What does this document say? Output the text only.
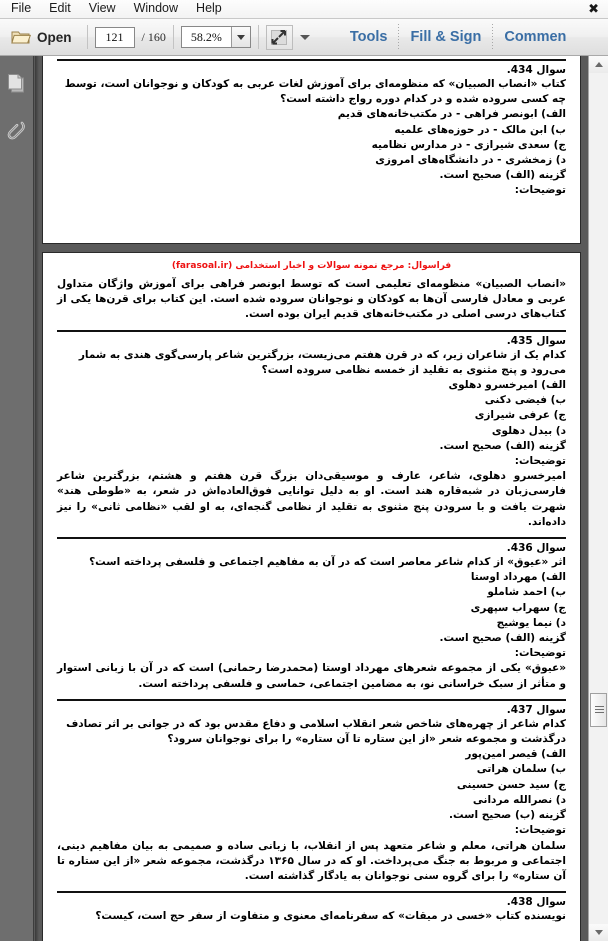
File	Edit	View	Window	Help	✖
Open	121	/ 160	58.2%	Tools Fill & Sign Commen
سوال 434.
کتاب «انصاب الصبیان» که منظومه‌ای برای آموزش لغات عربی به کودکان و نوجوانان است، توسط چه کسی سروده شده و در کدام دوره رواج داشته است؟
الف) ابونصر فراهی - در مکتب‌خانه‌های قدیم
ب) ابن مالک - در حوزه‌های علمیه
ج) سعدی شیرازی - در مدارس نظامیه
د) زمخشری - در دانشگاه‌های امروزی
گزینه (الف) صحیح است.
توضیحات:
فراسوال: مرجع نمونه سوالات و اخبار استخدامی (farasoal.ir)
«انصاب الصبیان» منظومه‌ای تعلیمی است که توسط ابونصر فراهی برای آموزش واژگان متداول عربی و معادل فارسی آن‌ها به کودکان و نوجوانان سروده شده است. این کتاب برای قرن‌ها یکی از کتاب‌های درسی اصلی در مکتب‌خانه‌های قدیم ایران بوده است.
سوال 435.
کدام یک از شاعران زیر، که در قرن هفتم می‌زیست، بزرگترین شاعر پارسی‌گوی هندی به شمار می‌رود و پنج مثنوی به تقلید از خمسه نظامی سروده است؟
الف) امیرخسرو دهلوی
ب) فیضی دکنی
ج) عرفی شیرازی
د) بیدل دهلوی
گزینه (الف) صحیح است.
توضیحات:
امیرخسرو دهلوی، شاعر، عارف و موسیقی‌دان بزرگ قرن هفتم و هشتم، بزرگترین شاعر فارسی‌زبان در شبه‌قاره هند است. او به دلیل توانایی فوق‌العاده‌اش در شعر، به «طوطی هند» شهرت یافت و با سرودن پنج مثنوی به تقلید از نظامی گنجه‌ای، به او لقب «نظامی ثانی» را نیز داده‌اند.
سوال 436.
اثر «عیوق» از کدام شاعر معاصر است که در آن به مفاهیم اجتماعی و فلسفی پرداخته است؟
الف) مهرداد اوستا
ب) احمد شاملو
ج) سهراب سپهری
د) نیما یوشیج
گزینه (الف) صحیح است.
توضیحات:
«عیوق» یکی از مجموعه شعرهای مهرداد اوستا (محمدرضا رحمانی) است که در آن با زبانی استوار و متأثر از سبک خراسانی نو، به مضامین اجتماعی، حماسی و فلسفی پرداخته است.
سوال 437.
کدام شاعر از چهره‌های شاخص شعر انقلاب اسلامی و دفاع مقدس بود که در جوانی بر اثر تصادف درگذشت و مجموعه شعر «از این ستاره تا آن ستاره» را برای نوجوانان سرود؟
الف) قیصر امین‌پور
ب) سلمان هراتی
ج) سید حسن حسینی
د) نصرالله مردانی
گزینه (ب) صحیح است.
توضیحات:
سلمان هراتی، معلم و شاعر متعهد پس از انقلاب، با زبانی ساده و صمیمی به بیان مفاهیم دینی، اجتماعی و مربوط به جنگ می‌پرداخت. او که در سال ۱۳۶۵ درگذشت، مجموعه شعر «از این ستاره تا آن ستاره» را برای گروه سنی نوجوانان به یادگار گذاشته است.
سوال 438.
نویسنده کتاب «خسی در میقات» که سفرنامه‌ای معنوی و متفاوت از سفر حج است، کیست؟
